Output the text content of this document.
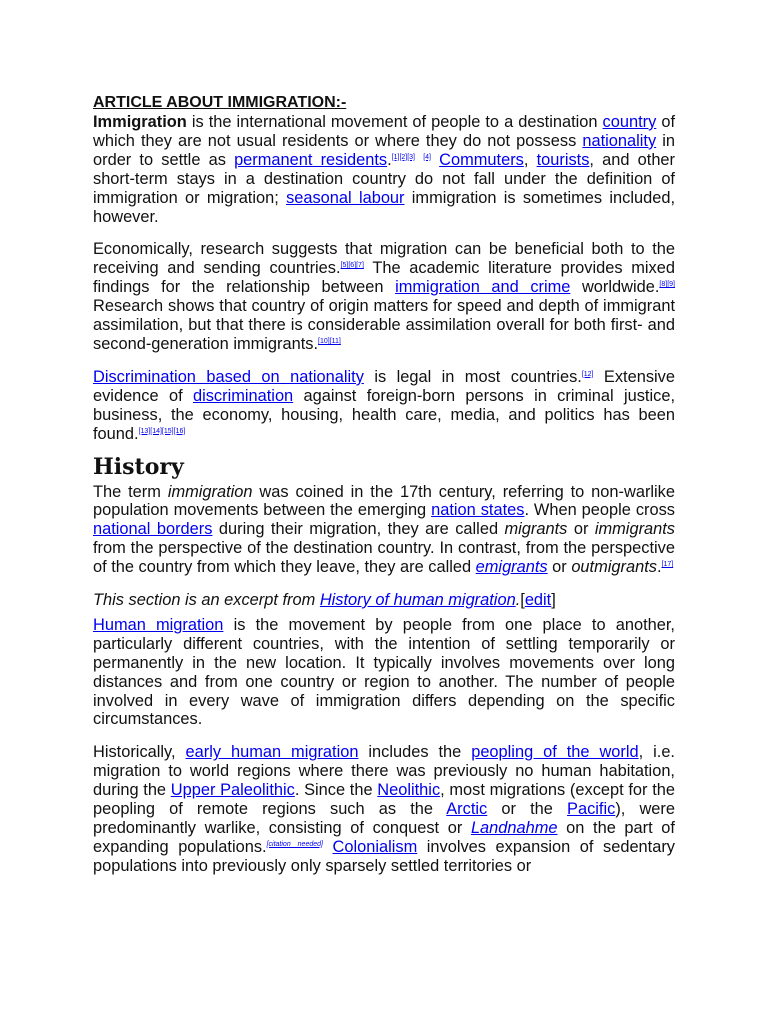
ARTICLE ABOUT IMMIGRATION:-

Immigration is the international movement of people to a destination country of which they are not usual residents or where they do not possess nationality in order to settle as permanent residents.[1][2][3] [4] Commuters, tourists, and other short-term stays in a destination country do not fall under the definition of immigration or migration; seasonal labour immigration is sometimes included, however.

Economically, research suggests that migration can be beneficial both to the receiving and sending countries.[5][6][7] The academic literature provides mixed findings for the relationship between immigration and crime worldwide.[8][9] Research shows that country of origin matters for speed and depth of immigrant assimilation, but that there is considerable assimilation overall for both first- and second-generation immigrants.[10][11]

Discrimination based on nationality is legal in most countries.[12] Extensive evidence of discrimination against foreign-born persons in criminal justice, business, the economy, housing, health care, media, and politics has been found.[13][14][15][16]

History

The term immigration was coined in the 17th century, referring to non-warlike population movements between the emerging nation states. When people cross national borders during their migration, they are called migrants or immigrants from the perspective of the destination country. In contrast, from the perspective of the country from which they leave, they are called emigrants or outmigrants.[17]

This section is an excerpt from History of human migration.[edit]

Human migration is the movement by people from one place to another, particularly different countries, with the intention of settling temporarily or permanently in the new location. It typically involves movements over long distances and from one country or region to another. The number of people involved in every wave of immigration differs depending on the specific circumstances.

Historically, early human migration includes the peopling of the world, i.e. migration to world regions where there was previously no human habitation, during the Upper Paleolithic. Since the Neolithic, most migrations (except for the peopling of remote regions such as the Arctic or the Pacific), were predominantly warlike, consisting of conquest or Landnahme on the part of expanding populations.[citation needed] Colonialism involves expansion of sedentary populations into previously only sparsely settled territories or
